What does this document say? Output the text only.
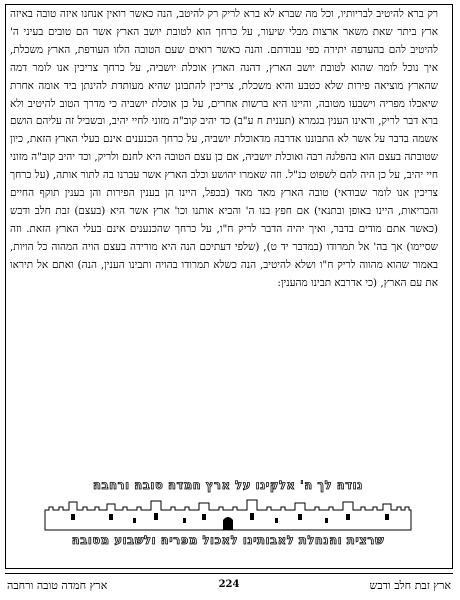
רק ברא להיטיב לבריותיו, וכל מה שברא לא ברא לריק רק להיטב, הנה כאשר רואין אנחנו איזה טובה באיזה ארץ ביתר שאת משאר ארצות מבלי שיעור, על כרחך הוא לטובת יושב הארץ אשר הם טובים בעיני ה' להיטיב להם בהעדפה יתירה כפי עבודתם. והנה כאשר רואים שעם הטובה הלזו העודפת, הארץ משכלת, איך נוכל לומר שהוא לטובת יושב הארץ, דהנה הארץ אוכלת יושביה, על כרחך צריכין אנו לומר דמה שהארץ מוציאה פירות שלא כטבע והיא משכלת, צריכין להתבונן שהיא מעותדת להינתן ביד אומה אחרת שיאכלו מפריה וישבעו מטובה, והיינו היא ברשות אחרים, על כן אוכלת יושביה כי מדרך הטוב להיטיב ולא ברא דבר לריק, וראינו הענין בגמרא (תענית ח ע"ב) כד יהיב קוב"ה מזוני לחיי יהיב, ובשביל זה עליהם הושם אשמה בדבר על אשר לא התבוננו אדרבה מדאוכלת יושביה, על כרחך הכנענים אינם בעלי הארץ הזאת, כיון שטובתה בעצם הוא בהפלגה רבה ואוכלת יושביה, אם כן עצם הטובה היא לחנם ולריק, וכד יהיב קוב"ה מזוני חיי יהיב, על כן היה להם לשפוט כנ"ל. וזה שאמרו יהושע וכלב הארץ אשר עברנו בה לתור אותה, (על כרחך צריכין אנו לומר שבודאי) טובה הארץ מאד מאד (בכפל, היינו הן בענין הפירות והן בענין תוקף החיים והבריאות, היינו באופן ובתנאי) אם חפץ בנו ה' והביא אותנו וכו' ארץ אשר היא (בעצם) זבת חלב ודבש (כאשר אתם מודים בדבר, ואיך יהיה הדבר לריק ח"ו, על כרחך שהכנענים אינם בעלי הארץ הזאת. וזה שסיימו) אך בה' אל תמרודו (במדבר יד ט), (שלפי דעתיכם הנה היא מורידה בעצם הויה המהוה כל הויות, באמור שהוא מהווה לריק ח"ו ושלא להיטיב, הנה כשלא תמרודו בהויה ותבינו הענין, הנה) ואתם אל תיראו את עם הארץ, (כי אדרבא תבינו מהענין:

נודה לך ה' אלקינו על ארץ חמדה טובה ורחבה
שרצית והנחלת לאבותינו לאכול מפריה ולשבוע מטובה
ארץ זבת חלב ודבש
224
ארץ חמדה טובה ורחבה
